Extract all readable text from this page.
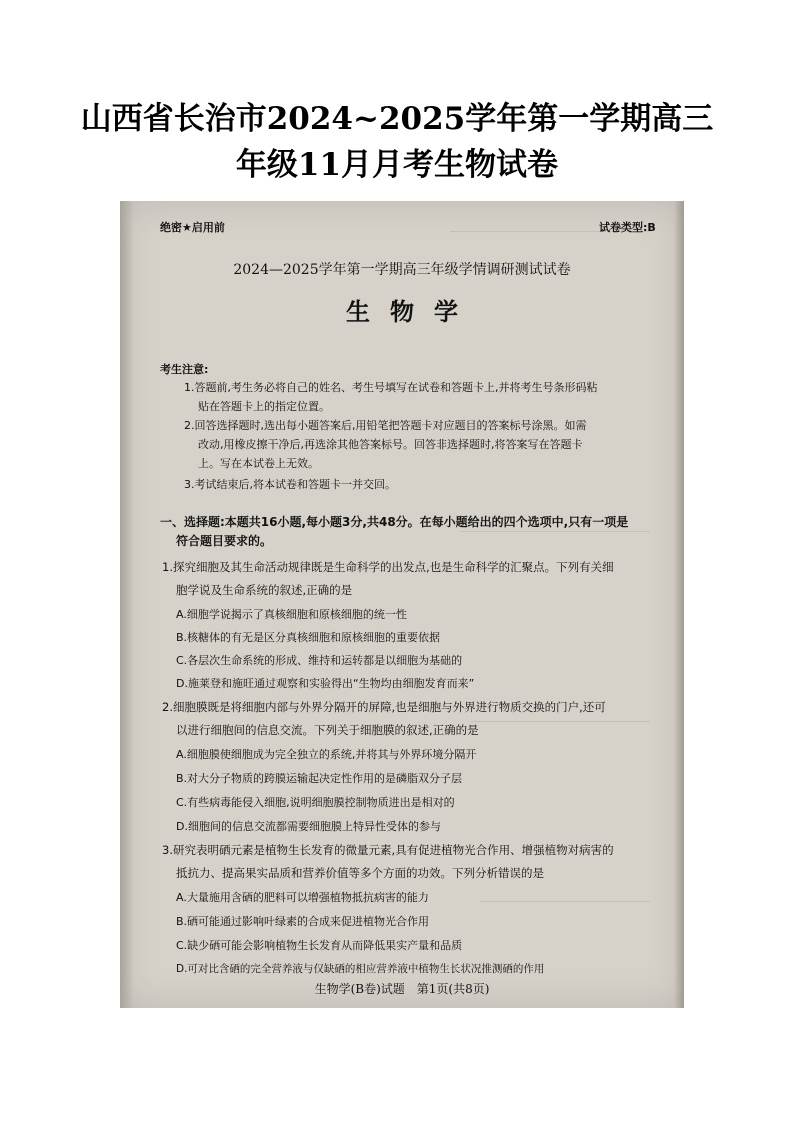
山西省长治市2024~2025学年第一学期高三
年级11月月考生物试卷
绝密★启用前	试卷类型:B
2024—2025学年第一学期高三年级学情调研测试试卷
生物学
考生注意:
1.答题前,考生务必将自己的姓名、考生号填写在试卷和答题卡上,并将考生号条形码粘
贴在答题卡上的指定位置。
2.回答选择题时,选出每小题答案后,用铅笔把答题卡对应题目的答案标号涂黑。如需
改动,用橡皮擦干净后,再选涂其他答案标号。回答非选择题时,将答案写在答题卡
上。写在本试卷上无效。
3.考试结束后,将本试卷和答题卡一并交回。
一、选择题:本题共16小题,每小题3分,共48分。在每小题给出的四个选项中,只有一项是
符合题目要求的。
1.探究细胞及其生命活动规律既是生命科学的出发点,也是生命科学的汇聚点。下列有关细
胞学说及生命系统的叙述,正确的是
A.细胞学说揭示了真核细胞和原核细胞的统一性
B.核糖体的有无是区分真核细胞和原核细胞的重要依据
C.各层次生命系统的形成、维持和运转都是以细胞为基础的
D.施莱登和施旺通过观察和实验得出“生物均由细胞发育而来”
2.细胞膜既是将细胞内部与外界分隔开的屏障,也是细胞与外界进行物质交换的门户,还可
以进行细胞间的信息交流。下列关于细胞膜的叙述,正确的是
A.细胞膜使细胞成为完全独立的系统,并将其与外界环境分隔开
B.对大分子物质的跨膜运输起决定性作用的是磷脂双分子层
C.有些病毒能侵入细胞,说明细胞膜控制物质进出是相对的
D.细胞间的信息交流都需要细胞膜上特异性受体的参与
3.研究表明硒元素是植物生长发育的微量元素,具有促进植物光合作用、增强植物对病害的
抵抗力、提高果实品质和营养价值等多个方面的功效。下列分析错误的是
A.大量施用含硒的肥料可以增强植物抵抗病害的能力
B.硒可能通过影响叶绿素的合成来促进植物光合作用
C.缺少硒可能会影响植物生长发育从而降低果实产量和品质
D.可对比含硒的完全营养液与仅缺硒的相应营养液中植物生长状况推测硒的作用
生物学(B卷)试题　第1页(共8页)
